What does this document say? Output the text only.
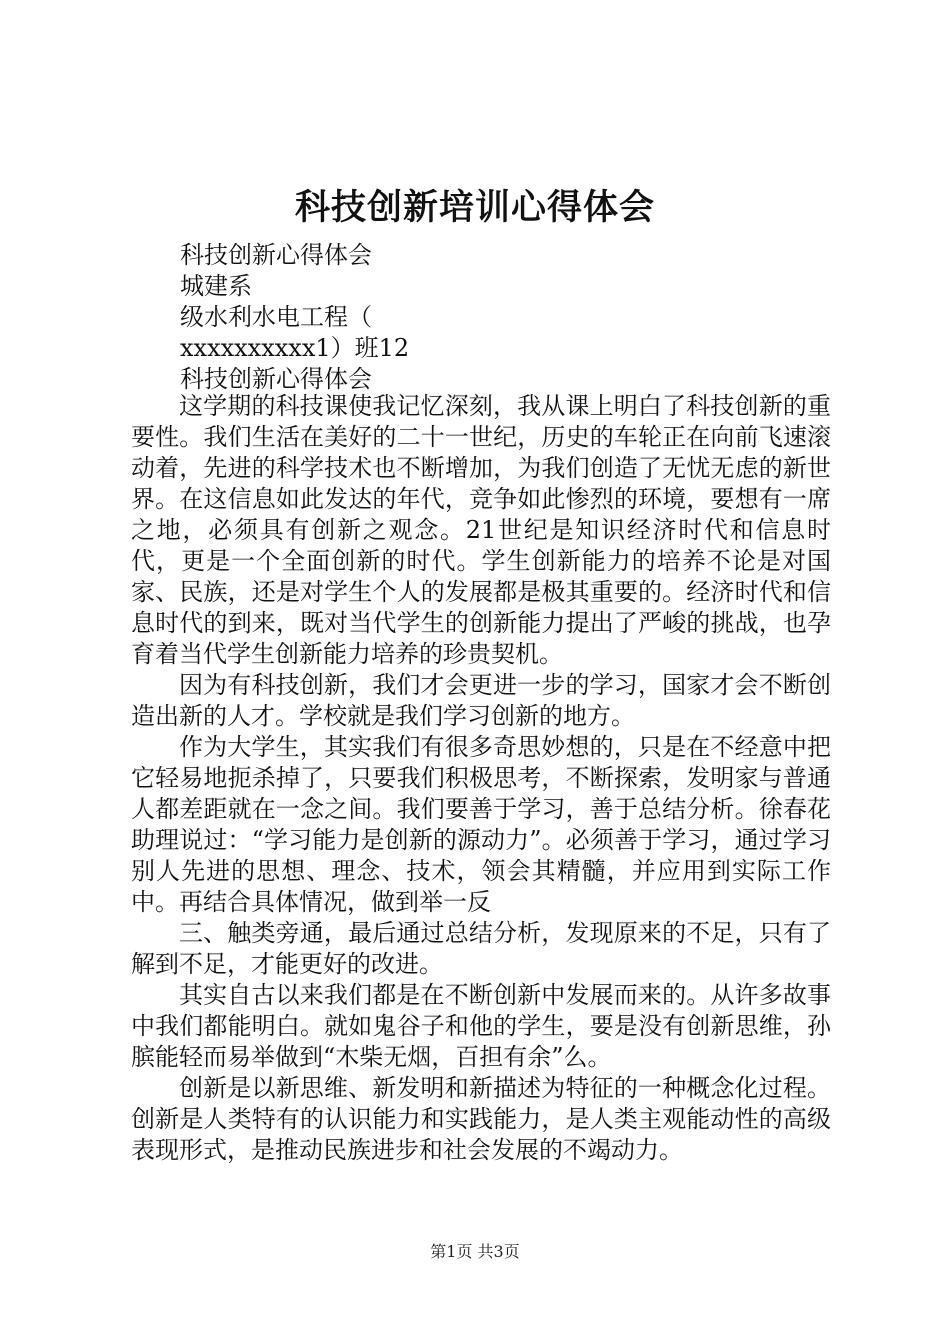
科技创新培训心得体会

科技创新心得体会

城建系

级水利水电工程（

xxxxxxxxxx1）班12

科技创新心得体会

这学期的科技课使我记忆深刻，我从课上明白了科技创新的重要性。我们生活在美好的二十一世纪，历史的车轮正在向前飞速滚动着，先进的科学技术也不断增加，为我们创造了无忧无虑的新世界。在这信息如此发达的年代，竞争如此惨烈的环境，要想有一席之地，必须具有创新之观念。21世纪是知识经济时代和信息时代，更是一个全面创新的时代。学生创新能力的培养不论是对国家、民族，还是对学生个人的发展都是极其重要的。经济时代和信息时代的到来，既对当代学生的创新能力提出了严峻的挑战，也孕育着当代学生创新能力培养的珍贵契机。

因为有科技创新，我们才会更进一步的学习，国家才会不断创造出新的人才。学校就是我们学习创新的地方。

作为大学生，其实我们有很多奇思妙想的，只是在不经意中把它轻易地扼杀掉了，只要我们积极思考，不断探索，发明家与普通人都差距就在一念之间。我们要善于学习，善于总结分析。徐春花助理说过：“学习能力是创新的源动力”。必须善于学习，通过学习别人先进的思想、理念、技术，领会其精髓，并应用到实际工作中。再结合具体情况，做到举一反

三、触类旁通，最后通过总结分析，发现原来的不足，只有了解到不足，才能更好的改进。

其实自古以来我们都是在不断创新中发展而来的。从许多故事中我们都能明白。就如鬼谷子和他的学生，要是没有创新思维，孙膑能轻而易举做到“木柴无烟，百担有余”么。

创新是以新思维、新发明和新描述为特征的一种概念化过程。创新是人类特有的认识能力和实践能力，是人类主观能动性的高级表现形式，是推动民族进步和社会发展的不竭动力。

第1页 共3页
